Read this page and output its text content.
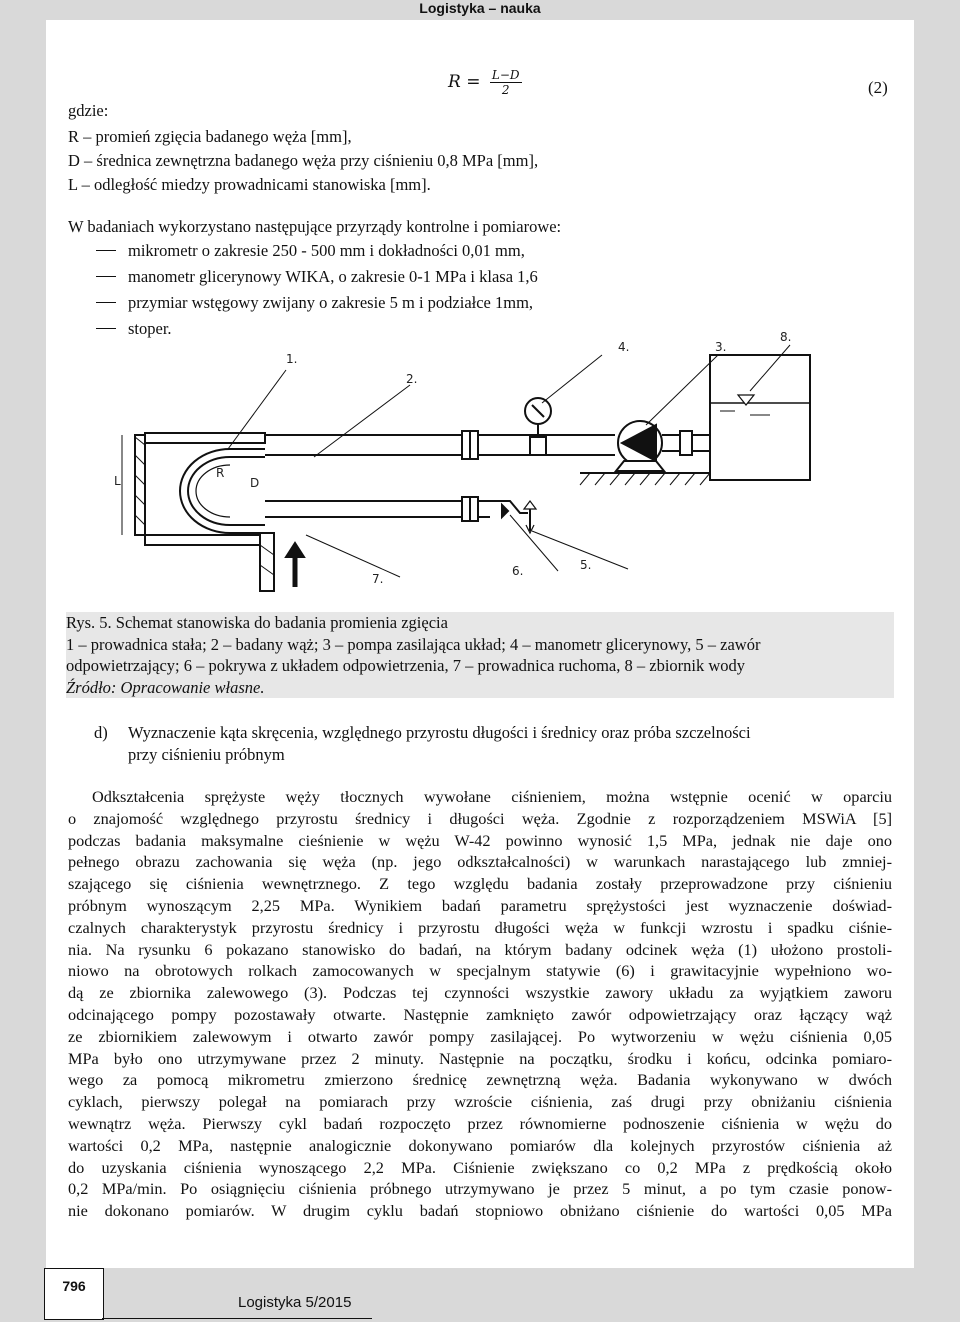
Logistyka – nauka
$R = \frac{L-D}{2}$	(2)
gdzie:
R – promień zgięcia badanego węża [mm],
D – średnica zewnętrzna badanego węża przy ciśnieniu 0,8 MPa [mm],
L – odległość miedzy prowadnicami stanowiska [mm].
W badaniach wykorzystano następujące przyrządy kontrolne i pomiarowe:
mikrometr o zakresie 250 - 500 mm i dokładności 0,01 mm,
manometr glicerynowy WIKA, o zakresie 0-1 MPa i klasa 1,6
przymiar wstęgowy zwijany o zakresie 5 m i podziałce 1mm,
stoper.
1.
2.
3.
4.
5.
6.
7.
8.
L
R
D
Rys. 5. Schemat stanowiska do badania promienia zgięcia
1 – prowadnica stała; 2 – badany wąż; 3 – pompa zasilająca układ; 4 – manometr glicerynowy, 5 – zawór
odpowietrzający; 6 – pokrywa z układem odpowietrzenia, 7 – prowadnica ruchoma, 8 – zbiornik wody
Źródło: Opracowanie własne.
d) Wyznaczenie kąta skręcenia, względnego przyrostu długości i średnicy oraz próba szczelności
przy ciśnieniu próbnym
Odkształcenia sprężyste węży tłocznych wywołane ciśnieniem, można wstępnie ocenić w oparciu
o znajomość względnego przyrostu średnicy i długości węża. Zgodnie z rozporządzeniem MSWiA [5]
podczas badania maksymalne cieśnienie w wężu W-42 powinno wynosić 1,5 MPa, jednak nie daje ono
pełnego obrazu zachowania się węża (np. jego odkształcalności) w warunkach narastającego lub zmniej-
szającego się ciśnienia wewnętrznego. Z tego względu badania zostały przeprowadzone przy ciśnieniu
próbnym wynoszącym 2,25 MPa. Wynikiem badań parametru sprężystości jest wyznaczenie doświad-
czalnych charakterystyk przyrostu średnicy i przyrostu długości węża w funkcji wzrostu i spadku ciśnie-
nia. Na rysunku 6 pokazano stanowisko do badań, na którym badany odcinek węża (1) ułożono prostoli-
niowo na obrotowych rolkach zamocowanych w specjalnym statywie (6) i grawitacyjnie wypełniono wo-
dą ze zbiornika zalewowego (3). Podczas tej czynności wszystkie zawory układu za wyjątkiem zaworu
odcinającego pompy pozostawały otwarte. Następnie zamknięto zawór odpowietrzający oraz łączący wąż
ze zbiornikiem zalewowym i otwarto zawór pompy zasilającej. Po wytworzeniu w wężu ciśnienia 0,05
MPa było ono utrzymywane przez 2 minuty. Następnie na początku, środku i końcu, odcinka pomiaro-
wego za pomocą mikrometru zmierzono średnicę zewnętrzną węża. Badania wykonywano w dwóch
cyklach, pierwszy polegał na pomiarach przy wzroście ciśnienia, zaś drugi przy obniżaniu ciśnienia
wewnątrz węża. Pierwszy cykl badań rozpoczęto przez równomierne podnoszenie ciśnienia w wężu do
wartości 0,2 MPa, następnie analogicznie dokonywano pomiarów dla kolejnych przyrostów ciśnienia aż
do uzyskania ciśnienia wynoszącego 2,2 MPa. Ciśnienie zwiększano co 0,2 MPa z prędkością około
0,2 MPa/min. Po osiągnięciu ciśnienia próbnego utrzymywano je przez 5 minut, a po tym czasie ponow-
nie dokonano pomiarów. W drugim cyklu badań stopniowo obniżano ciśnienie do wartości 0,05 MPa
796
Logistyka 5/2015
